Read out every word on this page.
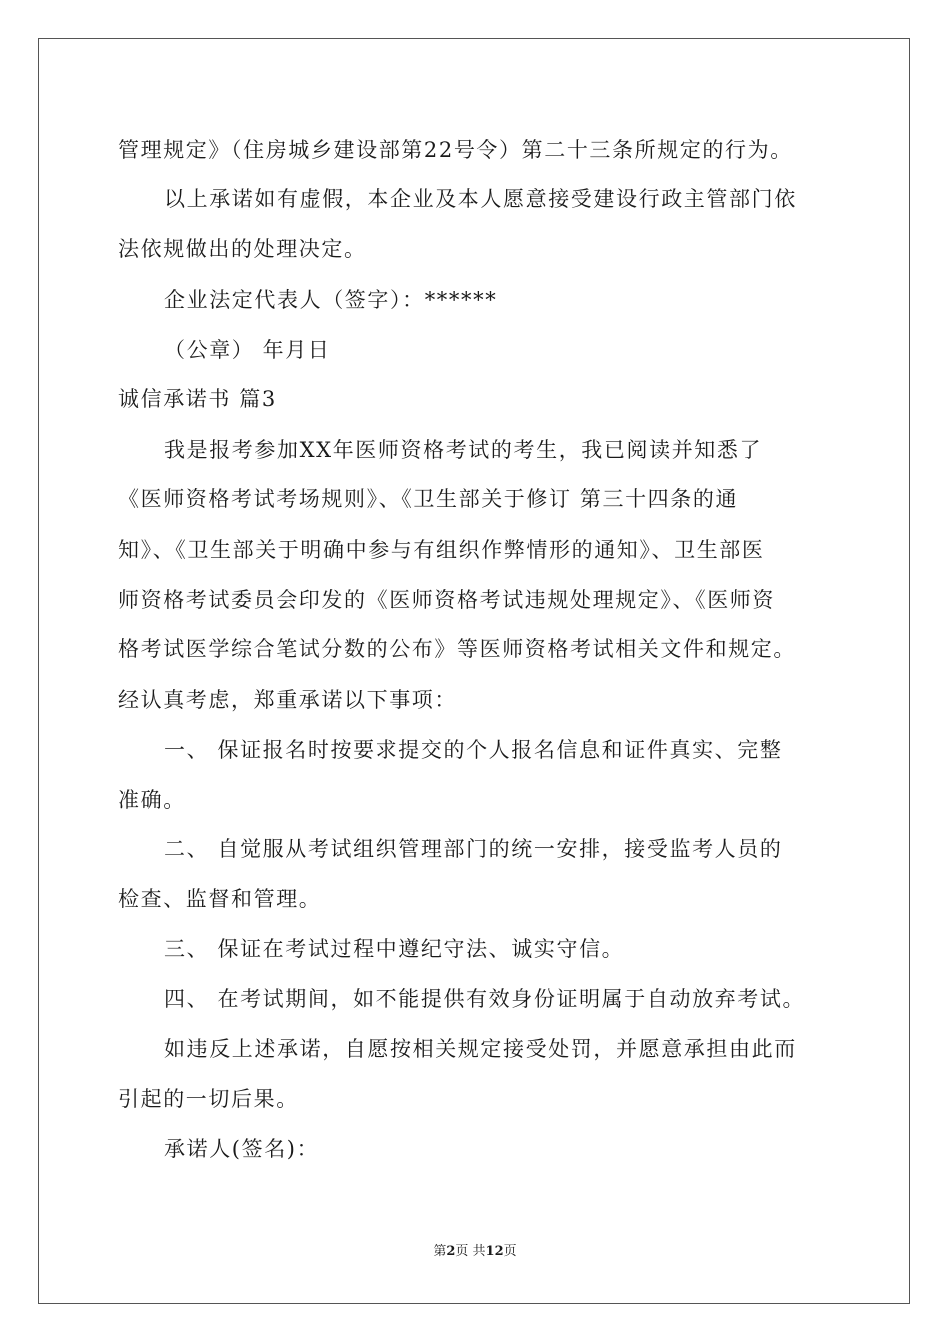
管理规定》（住房城乡建设部第22号令）第二十三条所规定的行为。
以上承诺如有虚假，本企业及本人愿意接受建设行政主管部门依
法依规做出的处理决定。
企业法定代表人（签字）：******
（公章） 年月日
诚信承诺书 篇3
我是报考参加XX年医师资格考试的考生，我已阅读并知悉了
《医师资格考试考场规则》、《卫生部关于修订 第三十四条的通
知》、《卫生部关于明确中参与有组织作弊情形的通知》、卫生部医
师资格考试委员会印发的《医师资格考试违规处理规定》、《医师资
格考试医学综合笔试分数的公布》等医师资格考试相关文件和规定。
经认真考虑，郑重承诺以下事项：
一、 保证报名时按要求提交的个人报名信息和证件真实、完整
准确。
二、 自觉服从考试组织管理部门的统一安排，接受监考人员的
检查、监督和管理。
三、 保证在考试过程中遵纪守法、诚实守信。
四、 在考试期间，如不能提供有效身份证明属于自动放弃考试。
如违反上述承诺，自愿按相关规定接受处罚，并愿意承担由此而
引起的一切后果。
承诺人(签名)：
第2页 共12页
